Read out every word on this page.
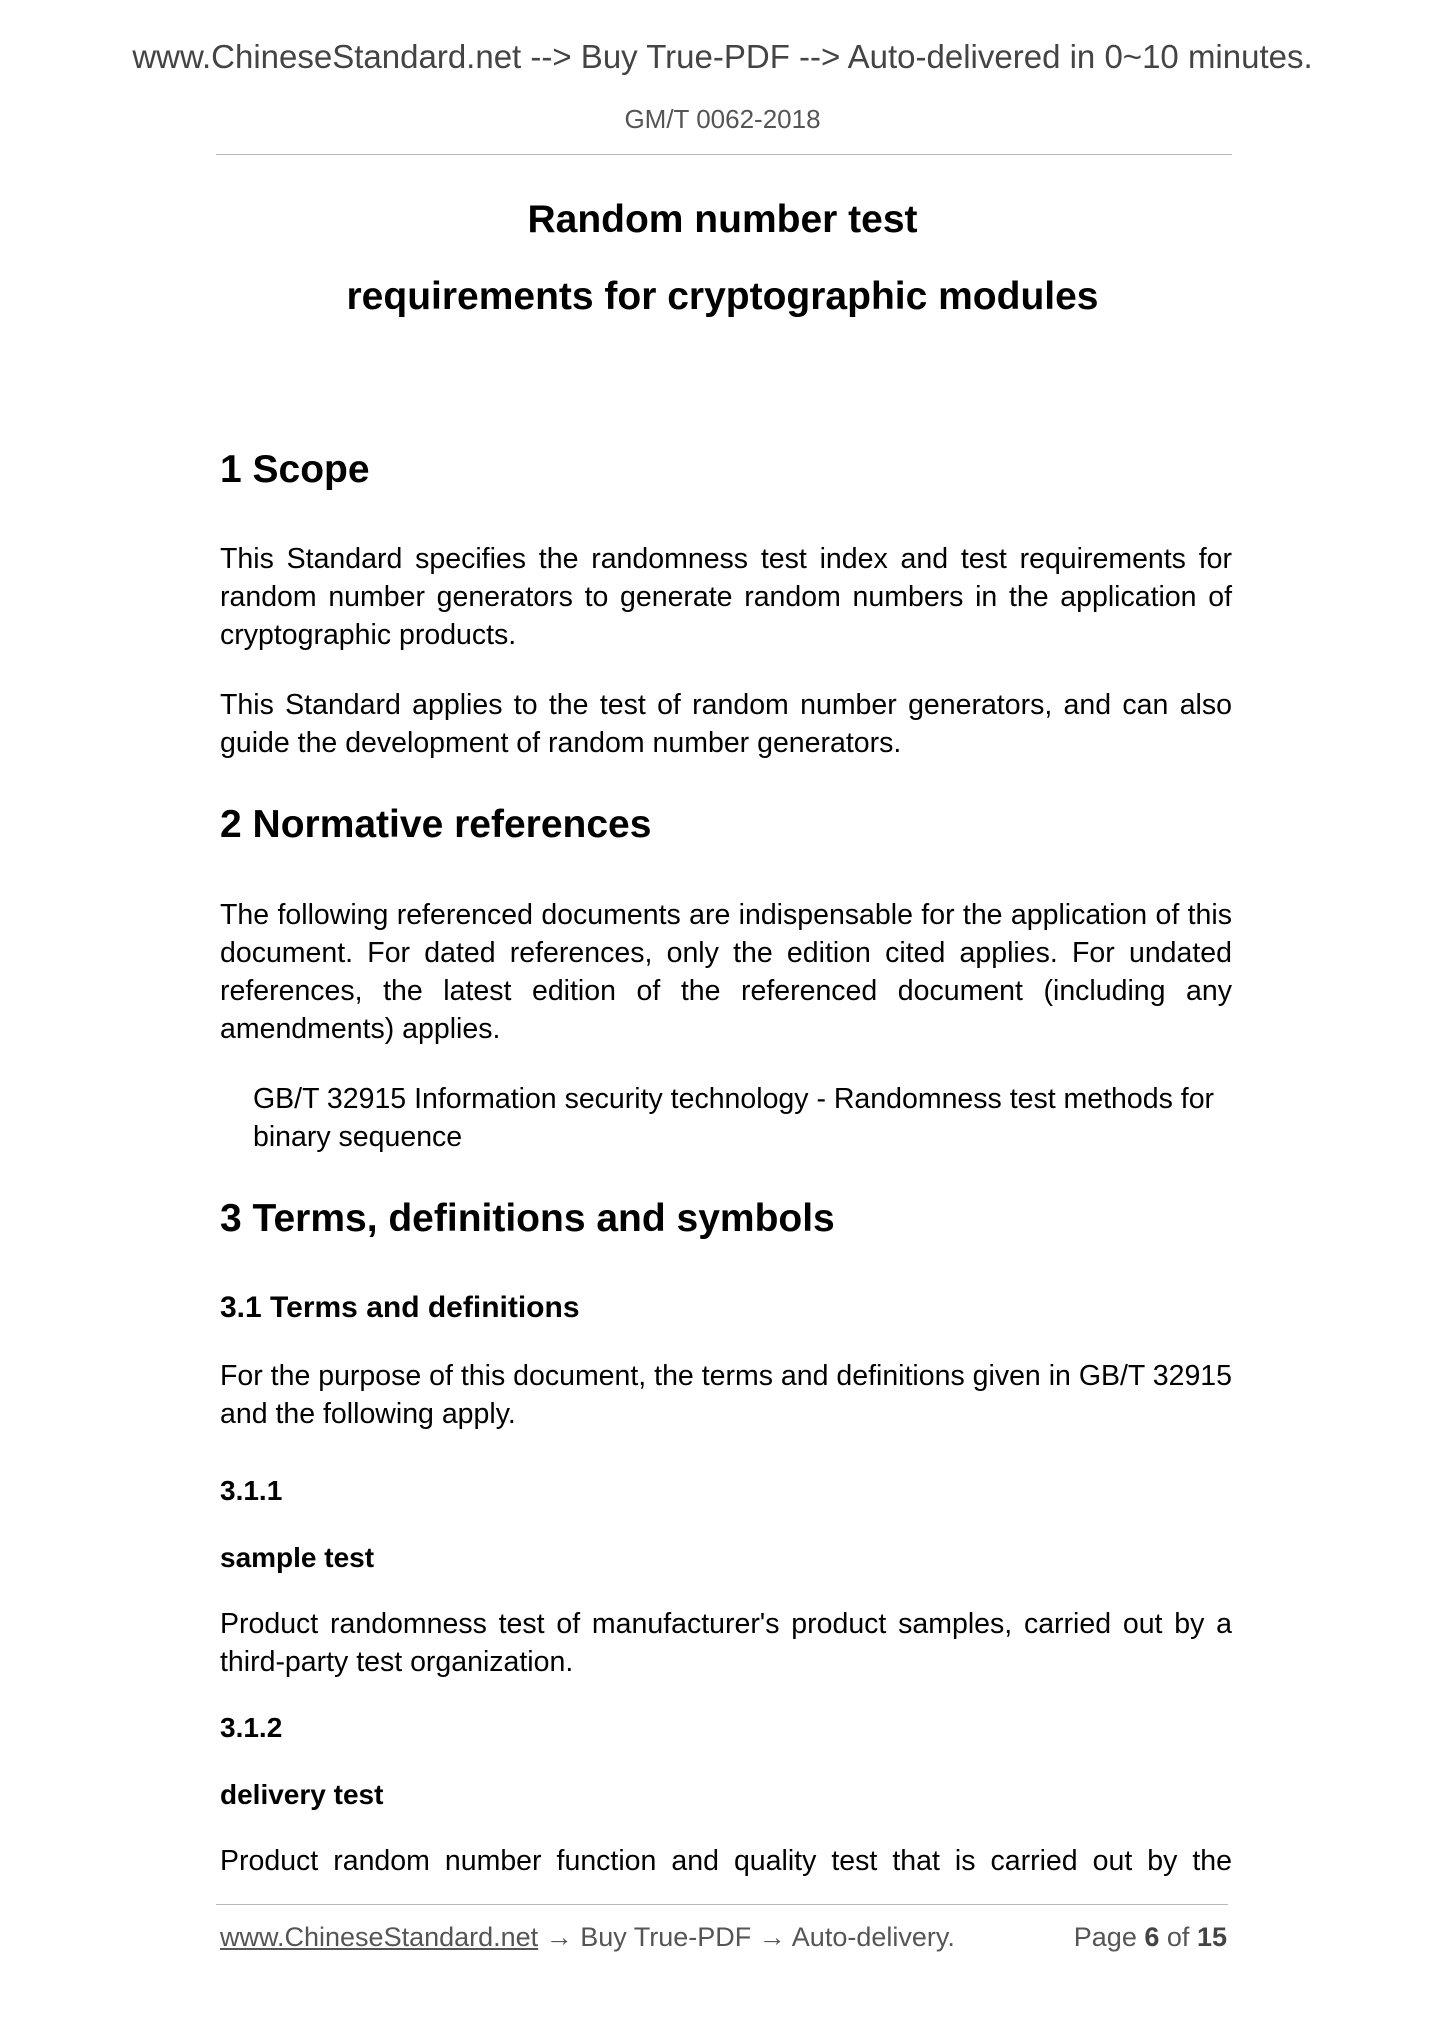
www.ChineseStandard.net --> Buy True-PDF --> Auto-delivered in 0~10 minutes.
GM/T 0062-2018
Random number test
requirements for cryptographic modules
1 Scope
This Standard specifies the randomness test index and test requirements for random number generators to generate random numbers in the application of cryptographic products.
This Standard applies to the test of random number generators, and can also guide the development of random number generators.
2 Normative references
The following referenced documents are indispensable for the application of this document. For dated references, only the edition cited applies. For undated references, the latest edition of the referenced document (including any amendments) applies.
GB/T 32915 Information security technology - Randomness test methods for binary sequence
3 Terms, definitions and symbols
3.1 Terms and definitions
For the purpose of this document, the terms and definitions given in GB/T 32915 and the following apply.
3.1.1
sample test
Product randomness test of manufacturer's product samples, carried out by a third-party test organization.
3.1.2
delivery test
Product random number function and quality test that is carried out by the
www.ChineseStandard.net → Buy True-PDF → Auto-delivery.	Page 6 of 15
